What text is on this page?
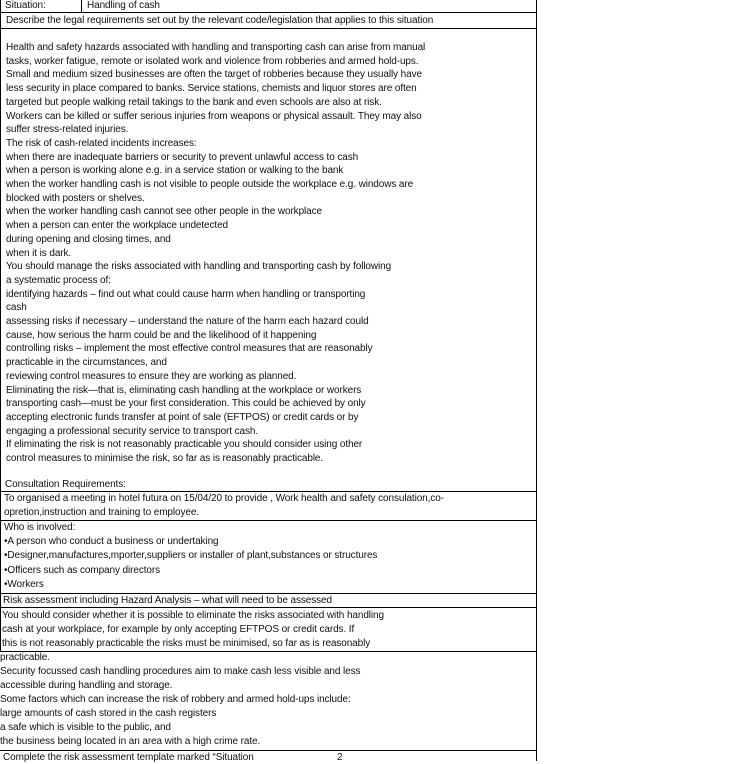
Situation:	Handling of cash
Describe the legal requirements set out by the relevant code/legislation that applies to this situation
Health and safety hazards associated with handling and transporting cash can arise from manual
tasks, worker fatigue, remote or isolated work and violence from robberies and armed hold-ups.
Small and medium sized businesses are often the target of robberies because they usually have
less security in place compared to banks. Service stations, chemists and liquor stores are often
targeted but people walking retail takings to the bank and even schools are also at risk.
Workers can be killed or suffer serious injuries from weapons or physical assault. They may also
suffer stress-related injuries.
The risk of cash-related incidents increases:
when there are inadequate barriers or security to prevent unlawful access to cash
when a person is working alone e.g. in a service station or walking to the bank
when the worker handling cash is not visible to people outside the workplace e.g. windows are
blocked with posters or shelves.
when the worker handling cash cannot see other people in the workplace
when a person can enter the workplace undetected
during opening and closing times, and
when it is dark.
You should manage the risks associated with handling and transporting cash by following
a systematic process of:
identifying hazards – find out what could cause harm when handling or transporting
cash
assessing risks if necessary – understand the nature of the harm each hazard could
cause, how serious the harm could be and the likelihood of it happening
controlling risks – implement the most effective control measures that are reasonably
practicable in the circumstances, and
reviewing control measures to ensure they are working as planned.
Eliminating the risk—that is, eliminating cash handling at the workplace or workers
transporting cash—must be your first consideration. This could be achieved by only
accepting electronic funds transfer at point of sale (EFTPOS) or credit cards or by
engaging a professional security service to transport cash.
If eliminating the risk is not reasonably practicable you should consider using other
control measures to minimise the risk, so far as is reasonably practicable.
Consultation Requirements:
To organised a meeting in hotel futura on 15/04/20 to provide , Work health and safety consulation,co-
opretion,instruction and training to employee.
Who is involved:
•A person who conduct a business or undertaking
•Designer,manufactures,mporter,suppliers or installer of plant,substances or structures
•Officers such as company directors
•Workers
Risk assessment including Hazard Analysis – what will need to be assessed
You should consider whether it is possible to eliminate the risks associated with handling
cash at your workplace, for example by only accepting EFTPOS or credit cards. If
this is not reasonably practicable the risks must be minimised, so far as is reasonably
practicable.
Security focussed cash handling procedures aim to make cash less visible and less
accessible during handling and storage.
Some factors which can increase the risk of robbery and armed hold-ups include:
large amounts of cash stored in the cash registers
a safe which is visible to the public, and
the business being located in an area with a high crime rate.
Complete the risk assessment template marked “Situation	2
